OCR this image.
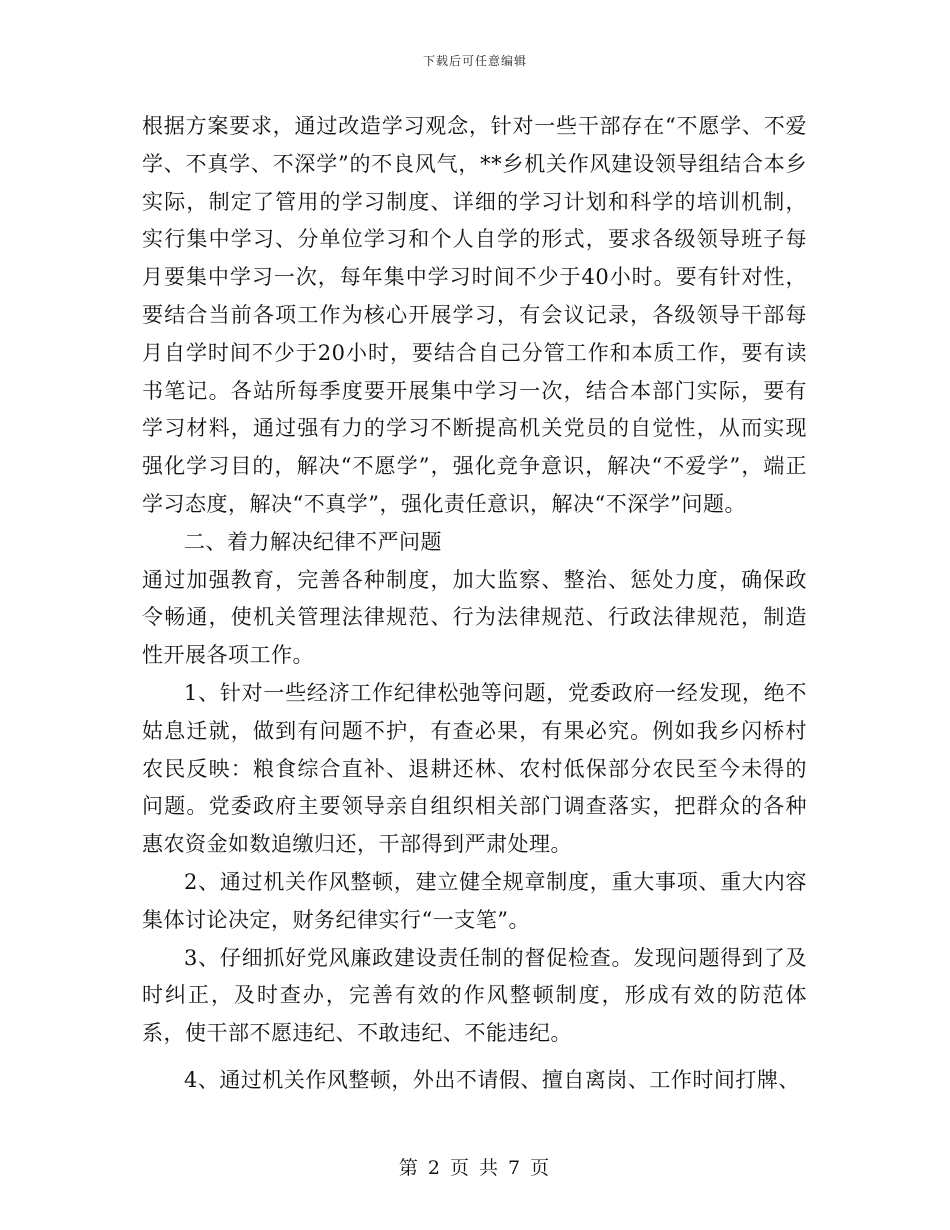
下载后可任意编辑

根据方案要求，通过改造学习观念，针对一些干部存在“不愿学、不爱学、不真学、不深学”的不良风气，**乡机关作风建设领导组结合本乡实际，制定了管用的学习制度、详细的学习计划和科学的培训机制，实行集中学习、分单位学习和个人自学的形式，要求各级领导班子每月要集中学习一次，每年集中学习时间不少于40小时。要有针对性，要结合当前各项工作为核心开展学习，有会议记录，各级领导干部每月自学时间不少于20小时，要结合自己分管工作和本质工作，要有读书笔记。各站所每季度要开展集中学习一次，结合本部门实际，要有学习材料，通过强有力的学习不断提高机关党员的自觉性，从而实现强化学习目的，解决“不愿学”，强化竞争意识，解决“不爱学”，端正学习态度，解决“不真学”，强化责任意识，解决“不深学”问题。

二、着力解决纪律不严问题

通过加强教育，完善各种制度，加大监察、整治、惩处力度，确保政令畅通，使机关管理法律规范、行为法律规范、行政法律规范，制造性开展各项工作。

1、针对一些经济工作纪律松弛等问题，党委政府一经发现，绝不姑息迁就，做到有问题不护，有查必果，有果必究。例如我乡闪桥村农民反映：粮食综合直补、退耕还林、农村低保部分农民至今未得的问题。党委政府主要领导亲自组织相关部门调查落实，把群众的各种惠农资金如数追缴归还，干部得到严肃处理。

2、通过机关作风整顿，建立健全规章制度，重大事项、重大内容集体讨论决定，财务纪律实行“一支笔”。

3、仔细抓好党风廉政建设责任制的督促检查。发现问题得到了及时纠正，及时查办，完善有效的作风整顿制度，形成有效的防范体系，使干部不愿违纪、不敢违纪、不能违纪。

4、通过机关作风整顿，外出不请假、擅自离岗、工作时间打牌、

第 2 页 共 7 页
